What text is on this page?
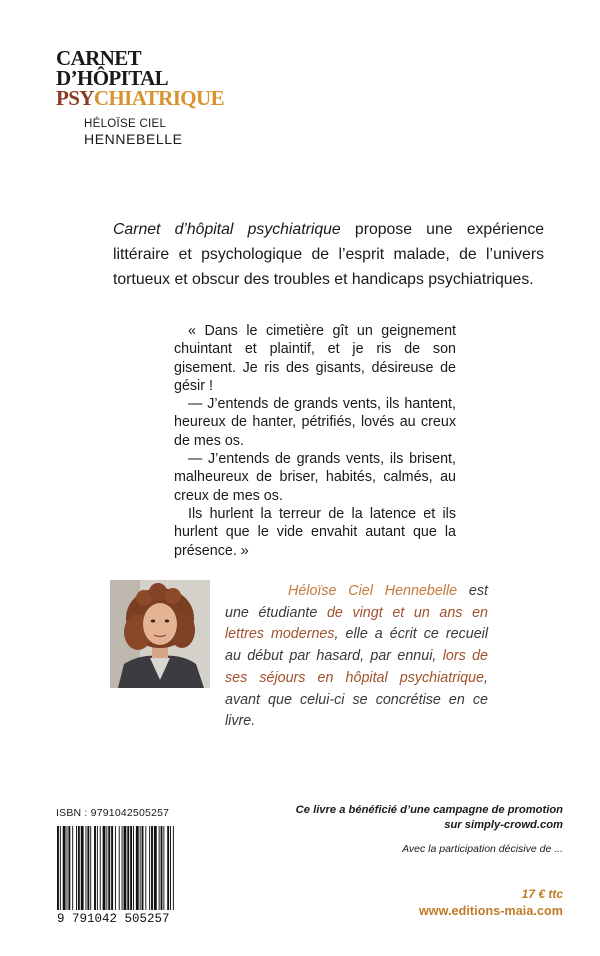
CARNET
D’HÔPITAL
PSYCHIATRIQUE
HÉLOÏSE CIEL
HENNEBELLE
Carnet d’hôpital psychiatrique propose une expérience littéraire et psychologique de l’esprit malade, de l’univers tortueux et obscur des troubles et handicaps psychiatriques.

« Dans le cimetière gît un geignement chuintant et plaintif, et je ris de son gisement. Je ris des gisants, désireuse de gésir !

— J’entends de grands vents, ils hantent, heureux de hanter, pétrifiés, lovés au creux de mes os.

— J’entends de grands vents, ils brisent, malheureux de briser, habités, calmés, au creux de mes os.

Ils hurlent la terreur de la latence et ils hurlent que le vide envahit autant que la présence. »

Héloïse Ciel Hennebelle est une étudiante de vingt et un ans en lettres modernes, elle a écrit ce recueil au début par hasard, par ennui, lors de ses séjours en hôpital psychiatrique, avant que celui-ci se concrétise en ce livre.

ISBN : 9791042505257
9 791042 505257
Ce livre a bénéficié d’une campagne de promotion
sur simply-crowd.com
Avec la participation décisive de ...
17 € ttc
www.editions-maia.com
